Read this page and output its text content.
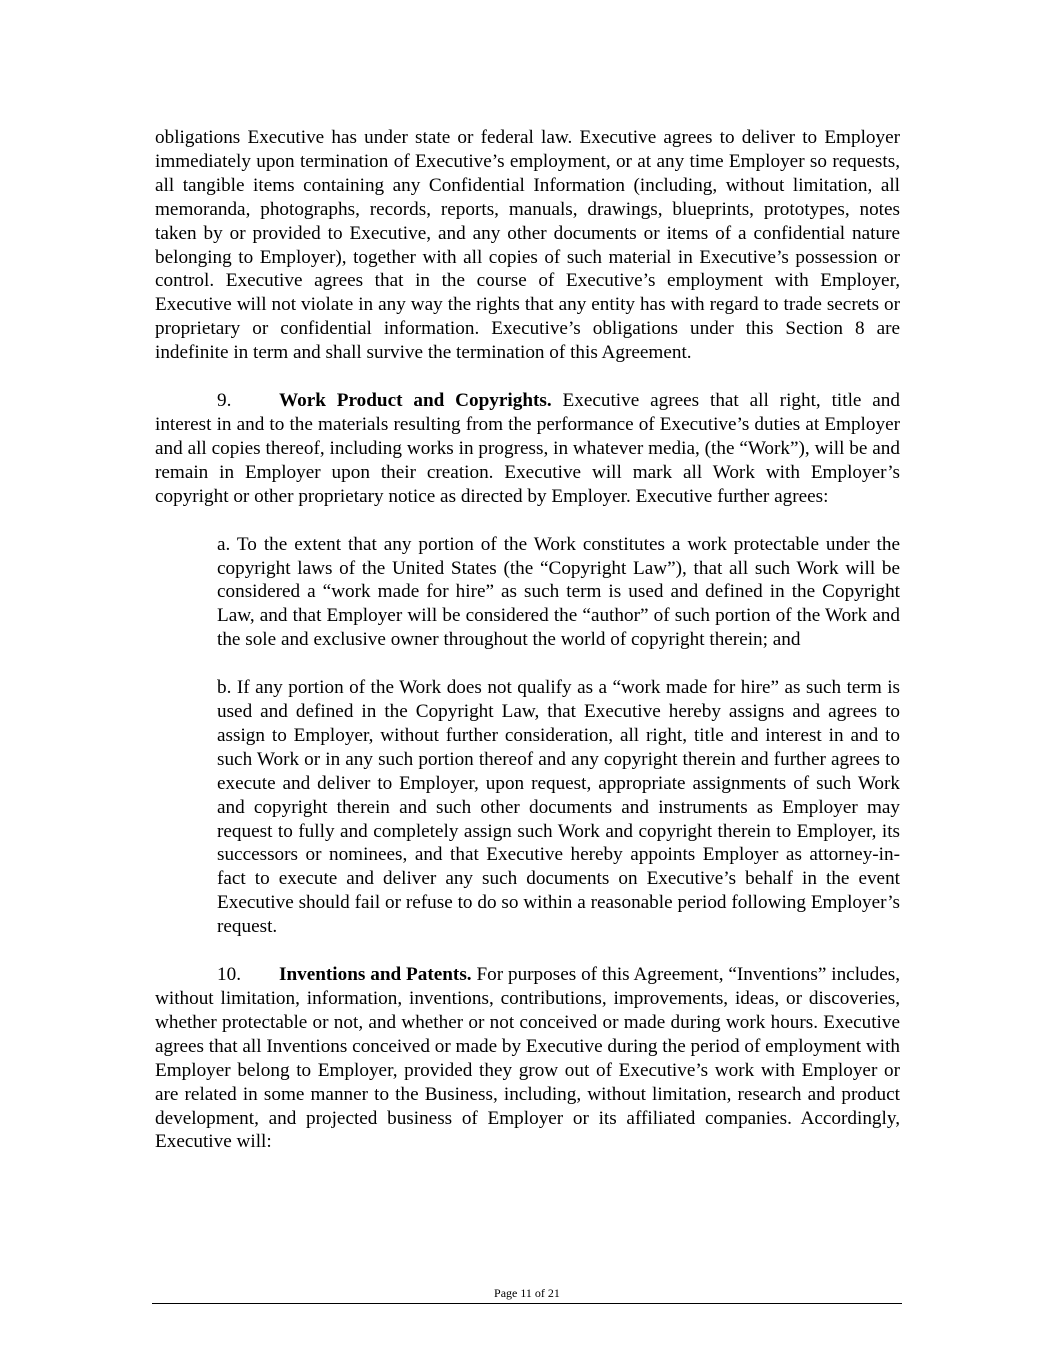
obligations Executive has under state or federal law. Executive agrees to deliver to Employer immediately upon termination of Executive’s employment, or at any time Employer so requests, all tangible items containing any Confidential Information (including, without limitation, all memoranda, photographs, records, reports, manuals, drawings, blueprints, prototypes, notes taken by or provided to Executive, and any other documents or items of a confidential nature belonging to Employer), together with all copies of such material in Executive’s possession or control. Executive agrees that in the course of Executive’s employment with Employer, Executive will not violate in any way the rights that any entity has with regard to trade secrets or proprietary or confidential information. Executive’s obligations under this Section 8 are indefinite in term and shall survive the termination of this Agreement.

9. Work Product and Copyrights. Executive agrees that all right, title and interest in and to the materials resulting from the performance of Executive’s duties at Employer and all copies thereof, including works in progress, in whatever media, (the “Work”), will be and remain in Employer upon their creation. Executive will mark all Work with Employer’s copyright or other proprietary notice as directed by Employer. Executive further agrees:

a. To the extent that any portion of the Work constitutes a work protectable under the copyright laws of the United States (the “Copyright Law”), that all such Work will be considered a “work made for hire” as such term is used and defined in the Copyright Law, and that Employer will be considered the “author” of such portion of the Work and the sole and exclusive owner throughout the world of copyright therein; and

b. If any portion of the Work does not qualify as a “work made for hire” as such term is used and defined in the Copyright Law, that Executive hereby assigns and agrees to assign to Employer, without further consideration, all right, title and interest in and to such Work or in any such portion thereof and any copyright therein and further agrees to execute and deliver to Employer, upon request, appropriate assignments of such Work and copyright therein and such other documents and instruments as Employer may request to fully and completely assign such Work and copyright therein to Employer, its successors or nominees, and that Executive hereby appoints Employer as attorney-in-fact to execute and deliver any such documents on Executive’s behalf in the event Executive should fail or refuse to do so within a reasonable period following Employer’s request.

10. Inventions and Patents. For purposes of this Agreement, “Inventions” includes, without limitation, information, inventions, contributions, improvements, ideas, or discoveries, whether protectable or not, and whether or not conceived or made during work hours. Executive agrees that all Inventions conceived or made by Executive during the period of employment with Employer belong to Employer, provided they grow out of Executive’s work with Employer or are related in some manner to the Business, including, without limitation, research and product development, and projected business of Employer or its affiliated companies. Accordingly, Executive will:

Page 11 of 21
